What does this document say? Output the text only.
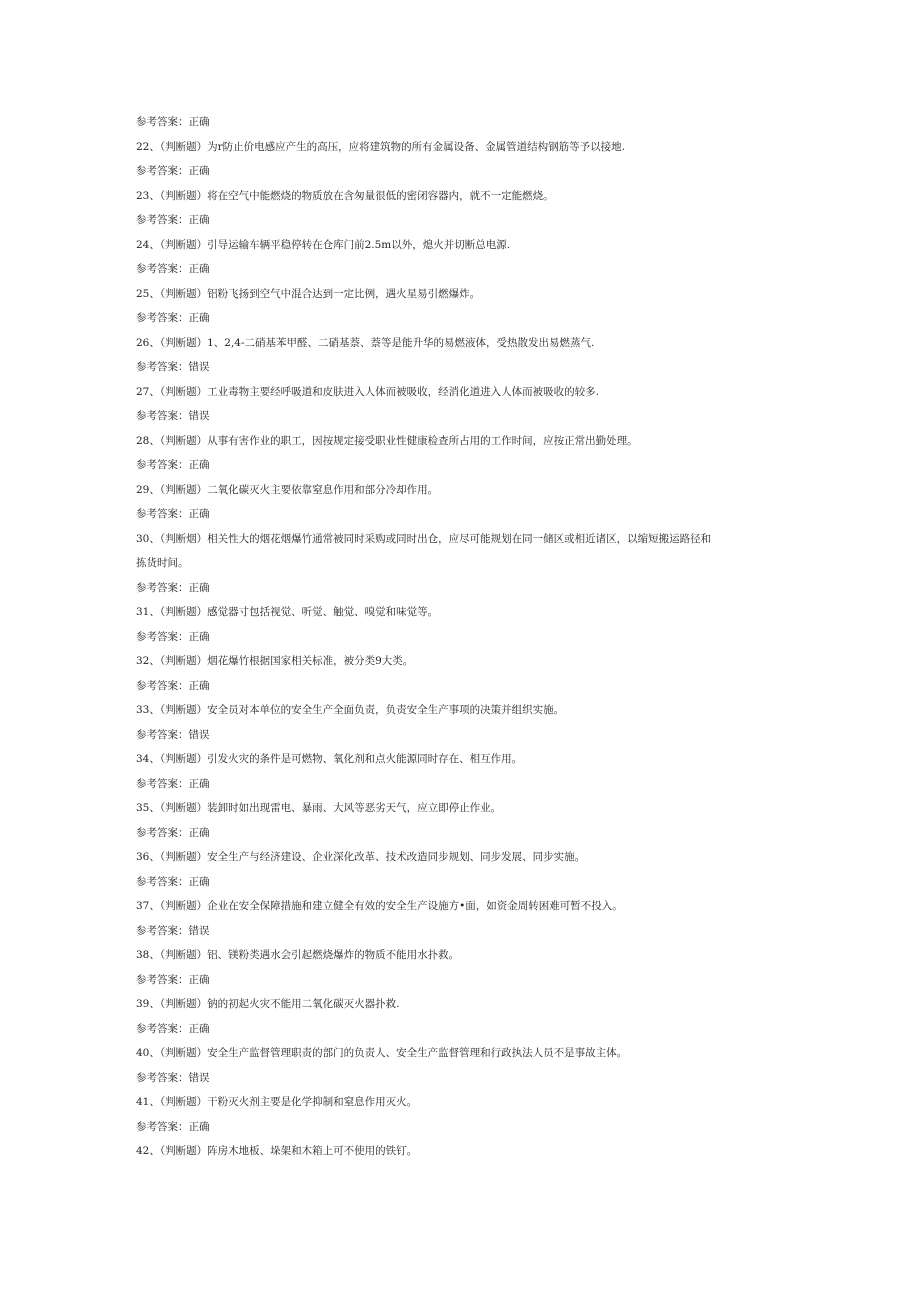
参考答案：正确
22、（判断题）为r防止价电感应产生的高压，应将建筑物的所有金属设备、金属管道结构钢筋等予以接地.
参考答案：正确
23、（判断题）将在空气中能燃烧的物质放在含匆量很低的密闭容器内，就不一定能燃烧。
参考答案：正确
24、（判断题）引导运输车辆平稳停转在仓库门前2.5m以外，熄火并切断总电源.
参考答案：正确
25、（判断题）铝粉飞扬到空气中混合达到一定比例，遇火星易引燃爆炸。
参考答案：正确
26、（判断题）1、2,4-二硝基苯甲醛、二硝基萘、萘等是能升华的易燃液体，受热散发出易燃蒸气.
参考答案：错误
27、（判断题）工业毒物主要经呼吸道和皮肤进入人体而被吸收，经消化道进入人体而被吸收的较多.
参考答案：错误
28、（判断题）从事有害作业的职工，因按规定接受职业性健康检查所占用的工作时间，应按正常出勤处理。
参考答案：正确
29、（判断题）二氧化碳灭火主要依靠窒息作用和部分冷却作用。
参考答案：正确
30、（判断烟）相关性大的烟花烟爆竹通常被同时采购或同时出仓，应尽可能规划在同一储区或相近诸区，以缩短搬运路径和
拣货时间。
参考答案：正确
31、（判断题）感觉器寸包括视觉、听觉、触觉、嗅觉和味觉等。
参考答案：正确
32、（判断题）烟花爆竹根据国家相关标准，被分类9大类。
参考答案：正确
33、（判断题）安全员对本单位的安全生产全面负责，负责安全生产事项的决策并组织实施。
参考答案：错误
34、（判断题）引发火灾的条件是可燃物、氧化剂和点火能源同时存在、相互作用。
参考答案：正确
35、（判断题）装卸时如出现雷电、暴雨、大风等恶劣天气，应立即停止作业。
参考答案：正确
36、（判断题）安全生产与经济建设、企业深化改革、技术改造同步规划、同步发展、同步实施。
参考答案：正确
37、（判断题）企业在安全保障措施和建立健全有效的安全生产设施方•面，如资金周转困难可暂不投入。
参考答案：错误
38、（判断题）铝、镁粉类遇水会引起燃烧爆炸的物质不能用水扑救。
参考答案：正确
39、（判断题）钠的初起火灾不能用二氧化碳灭火器扑救.
参考答案：正确
40、（判断题）安全生产监督管理职责的部门的负责人、安全生产监督管理和行政执法人员不是事故主体。
参考答案：错误
41、（判断题）干粉灭火剂主要是化学抑制和窒息作用灭火。
参考答案：正确
42、（判断题）阵房木地板、垛架和木箱上可不使用的铁钉。
